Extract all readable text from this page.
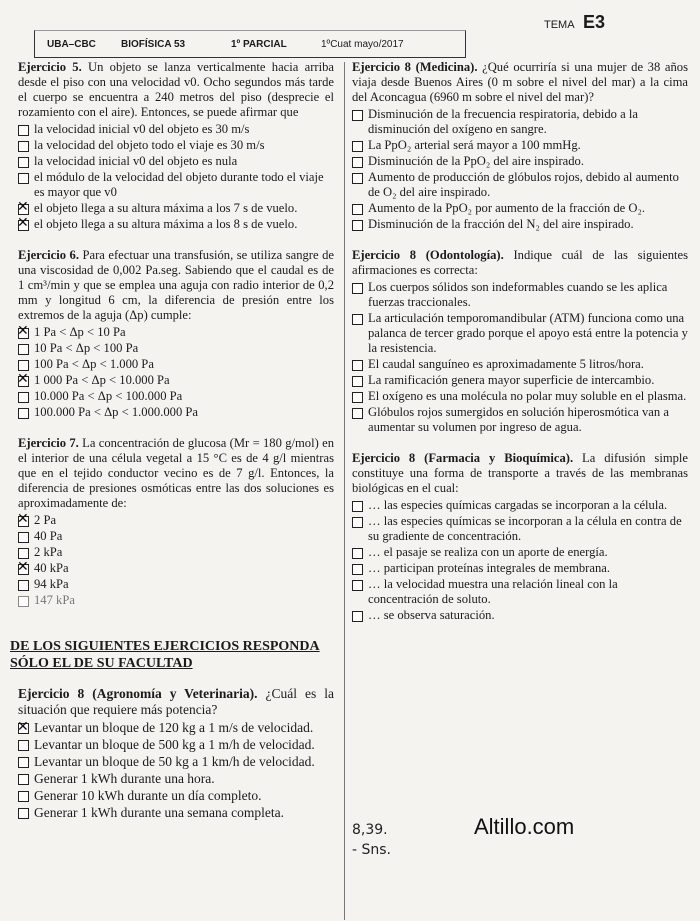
UBA–CBC	BIOFÍSICA 53	1º PARCIAL	1ºCuat mayo/2017
TEMA E3

Ejercicio 5. Un objeto se lanza verticalmente hacia arriba desde el piso con una velocidad v0. Ocho segundos más tarde el cuerpo se encuentra a 240 metros del piso (desprecie el rozamiento con el aire). Entonces, se puede afirmar que

la velocidad inicial v0 del objeto es 30 m/s
la velocidad del objeto todo el viaje es 30 m/s
la velocidad inicial v0 del objeto es nula
el módulo de la velocidad del objeto durante todo el viaje es mayor que v0
✕
el objeto llega a su altura máxima a los 7 s de vuelo.
✕
el objeto llega a su altura máxima a los 8 s de vuelo.

Ejercicio 6. Para efectuar una transfusión, se utiliza sangre de una viscosidad de 0,002 Pa.seg. Sabiendo que el caudal es de 1 cm³/min y que se emplea una aguja con radio interior de 0,2 mm y longitud 6 cm, la diferencia de presión entre los extremos de la aguja (Δp) cumple:

✕
1 Pa < Δp < 10 Pa
10 Pa < Δp < 100 Pa
100 Pa < Δp < 1.000 Pa
✕
1 000 Pa < Δp < 10.000 Pa
10.000 Pa < Δp < 100.000 Pa
100.000 Pa < Δp < 1.000.000 Pa

Ejercicio 7. La concentración de glucosa (Mr = 180 g/mol) en el interior de una célula vegetal a 15 °C es de 4 g/l mientras que en el tejido conductor vecino es de 7 g/l. Entonces, la diferencia de presiones osmóticas entre las dos soluciones es aproximadamente de:

✕
2 Pa
40 Pa
2 kPa
✕
40 kPa
94 kPa
147 kPa
DE LOS SIGUIENTES EJERCICIOS RESPONDA
SÓLO EL DE SU FACULTAD

Ejercicio 8 (Agronomía y Veterinaria). ¿Cuál es la situación que requiere más potencia?

✕
Levantar un bloque de 120 kg a 1 m/s de velocidad.
Levantar un bloque de 500 kg a 1 m/h de velocidad.
Levantar un bloque de 50 kg a 1 km/h de velocidad.
Generar 1 kWh durante una hora.
Generar 10 kWh durante un día completo.
Generar 1 kWh durante una semana completa.

Ejercicio 8 (Medicina). ¿Qué ocurriría si una mujer de 38 años viaja desde Buenos Aires (0 m sobre el nivel del mar) a la cima del Aconcagua (6960 m sobre el nivel del mar)?

Disminución de la frecuencia respiratoria, debido a la disminución del oxígeno en sangre.
La PpO₂ arterial será mayor a 100 mmHg.
Disminución de la PpO₂ del aire inspirado.
Aumento de producción de glóbulos rojos, debido al aumento de O₂ del aire inspirado.
Aumento de la PpO₂ por aumento de la fracción de O₂.
Disminución de la fracción del N₂ del aire inspirado.

Ejercicio 8 (Odontología). Indique cuál de las siguientes afirmaciones es correcta:

Los cuerpos sólidos son indeformables cuando se les aplica fuerzas traccionales.
La articulación temporomandibular (ATM) funciona como una palanca de tercer grado porque el apoyo está entre la potencia y la resistencia.
El caudal sanguíneo es aproximadamente 5 litros/hora.
La ramificación genera mayor superficie de intercambio.
El oxígeno es una molécula no polar muy soluble en el plasma.
Glóbulos rojos sumergidos en solución hiperosmótica van a aumentar su volumen por ingreso de agua.

Ejercicio 8 (Farmacia y Bioquímica). La difusión simple constituye una forma de transporte a través de las membranas biológicas en el cual:

… las especies químicas cargadas se incorporan a la célula.
… las especies químicas se incorporan a la célula en contra de su gradiente de concentración.
… el pasaje se realiza con un aporte de energía.
… participan proteínas integrales de membrana.
… la velocidad muestra una relación lineal con la concentración de soluto.
… se observa saturación.
8,39.
- Sns.
Altillo.com
